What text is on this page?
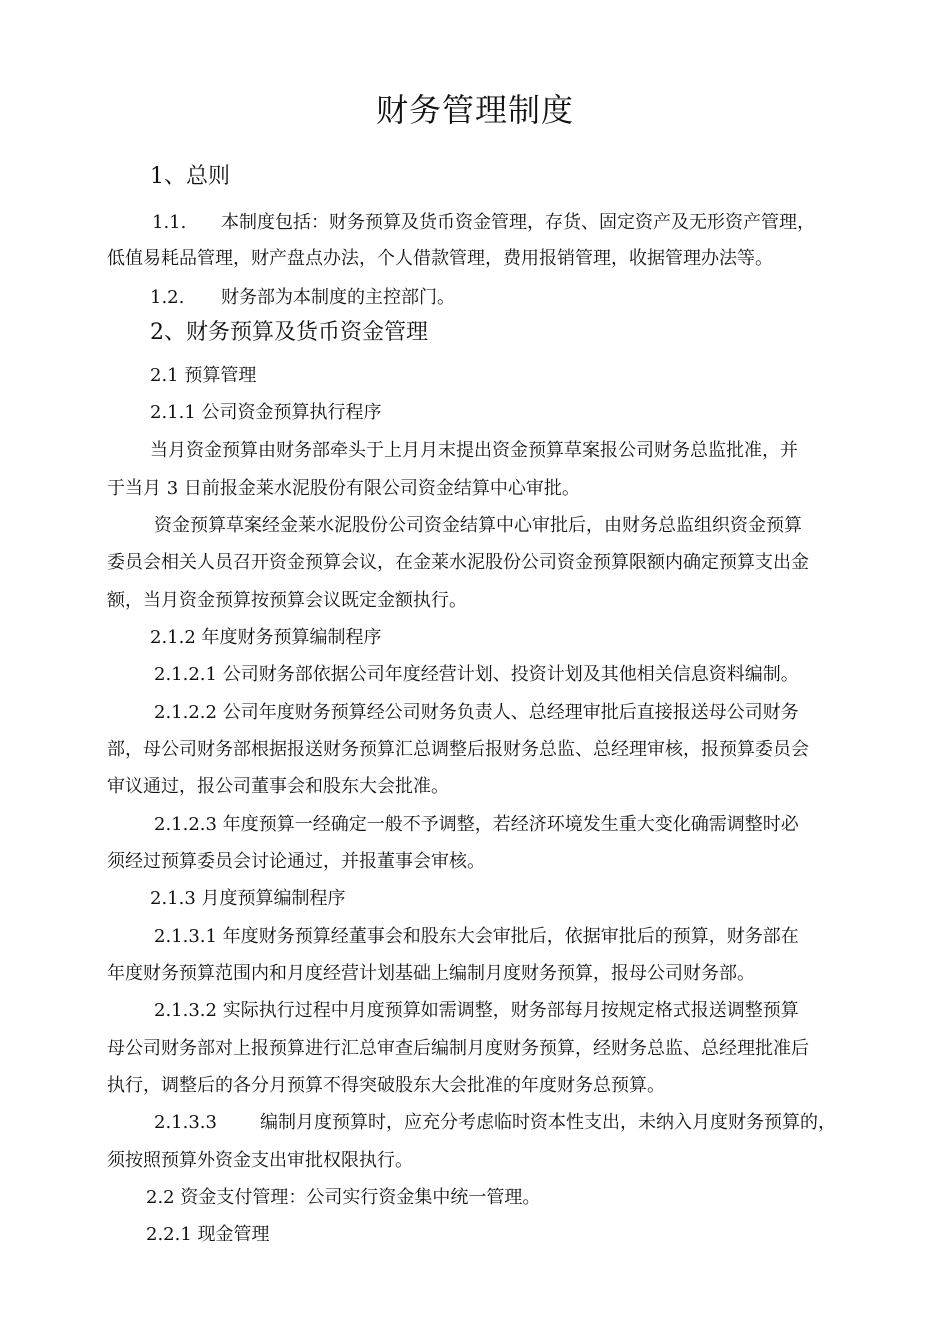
财务管理制度
1、总则
1.1. 本制度包括：财务预算及货币资金管理，存货、固定资产及无形资产管理，
低值易耗品管理，财产盘点办法，个人借款管理，费用报销管理，收据管理办法等。
1.2. 财务部为本制度的主控部门。
2、财务预算及货币资金管理
2.1 预算管理
2.1.1 公司资金预算执行程序
当月资金预算由财务部牵头于上月月末提出资金预算草案报公司财务总监批准，并
于当月 3 日前报金莱水泥股份有限公司资金结算中心审批。
资金预算草案经金莱水泥股份公司资金结算中心审批后，由财务总监组织资金预算
委员会相关人员召开资金预算会议，在金莱水泥股份公司资金预算限额内确定预算支出金
额，当月资金预算按预算会议既定金额执行。
2.1.2 年度财务预算编制程序
2.1.2.1 公司财务部依据公司年度经营计划、投资计划及其他相关信息资料编制。
2.1.2.2 公司年度财务预算经公司财务负责人、总经理审批后直接报送母公司财务
部，母公司财务部根据报送财务预算汇总调整后报财务总监、总经理审核，报预算委员会
审议通过，报公司董事会和股东大会批准。
2.1.2.3 年度预算一经确定一般不予调整，若经济环境发生重大变化确需调整时必
须经过预算委员会讨论通过，并报董事会审核。
2.1.3 月度预算编制程序
2.1.3.1 年度财务预算经董事会和股东大会审批后，依据审批后的预算，财务部在
年度财务预算范围内和月度经营计划基础上编制月度财务预算，报母公司财务部。
2.1.3.2 实际执行过程中月度预算如需调整，财务部每月按规定格式报送调整预算
母公司财务部对上报预算进行汇总审查后编制月度财务预算，经财务总监、总经理批准后
执行，调整后的各分月预算不得突破股东大会批准的年度财务总预算。
2.1.3.3 编制月度预算时，应充分考虑临时资本性支出，未纳入月度财务预算的，
须按照预算外资金支出审批权限执行。
2.2 资金支付管理：公司实行资金集中统一管理。
2.2.1 现金管理
